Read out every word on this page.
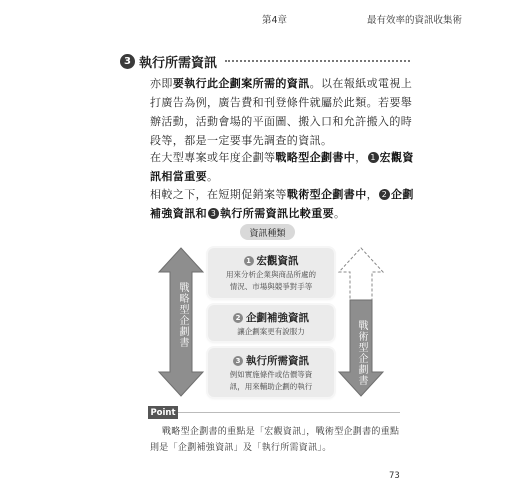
第4章	最有效率的資訊收集術
3 執行所需資訊
亦即要執行此企劃案所需的資訊。以在報紙或電視上打廣告為例，廣告費和刊登條件就屬於此類。若要舉辦活動，活動會場的平面圖、搬入口和允許搬入的時段等，都是一定要事先調查的資訊。
在大型專案或年度企劃等戰略型企劃書中， 1 宏觀資訊相當重要。
相較之下，在短期促銷案等戰術型企劃書中， 2 企劃補強資訊和 3 執行所需資訊比較重要。
資訊種類
戰略型企劃書
戰術型企劃書
1 宏觀資訊
用來分析企業與商品所處的
情況、市場與競爭對手等
2 企劃補強資訊
讓企劃案更有說服力
3 執行所需資訊
例如實施條件或估價等資
訊，用來輔助企劃的執行
Point
戰略型企劃書的重點是「宏觀資訊」，戰術型企劃書的重點則是「企劃補強資訊」及「執行所需資訊」。
73
